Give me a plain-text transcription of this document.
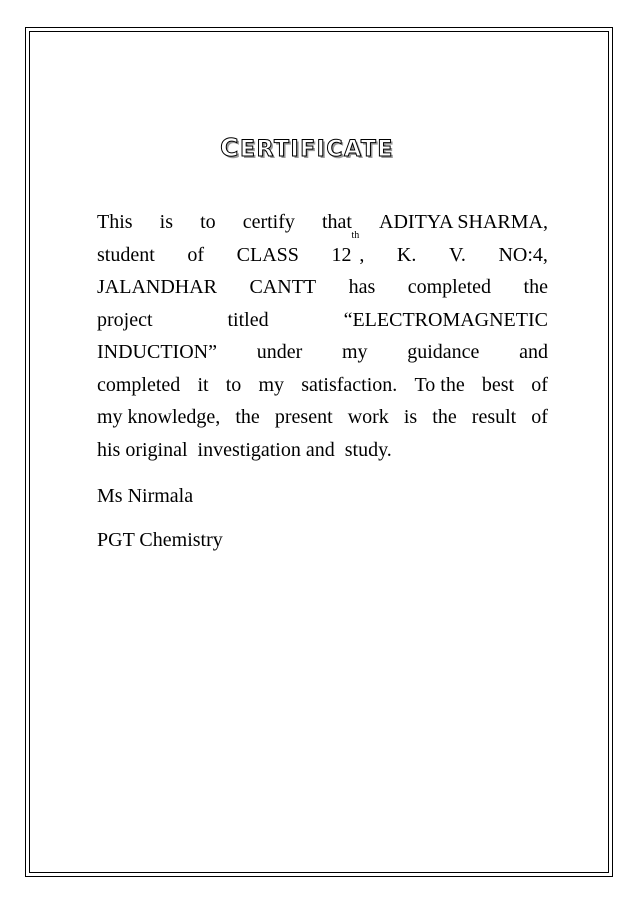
CERTIFICATE
This is to certify that ADITYA SHARMA,
student of CLASS 12th, K. V. NO:4,
JALANDHAR CANTT has completed the
project	titled	“ELECTROMAGNETIC
INDUCTION” under my guidance and
completed it to my satisfaction. To the best of
my knowledge, the present work is the result of
his original  investigation and  study.
Ms Nirmala
PGT Chemistry
